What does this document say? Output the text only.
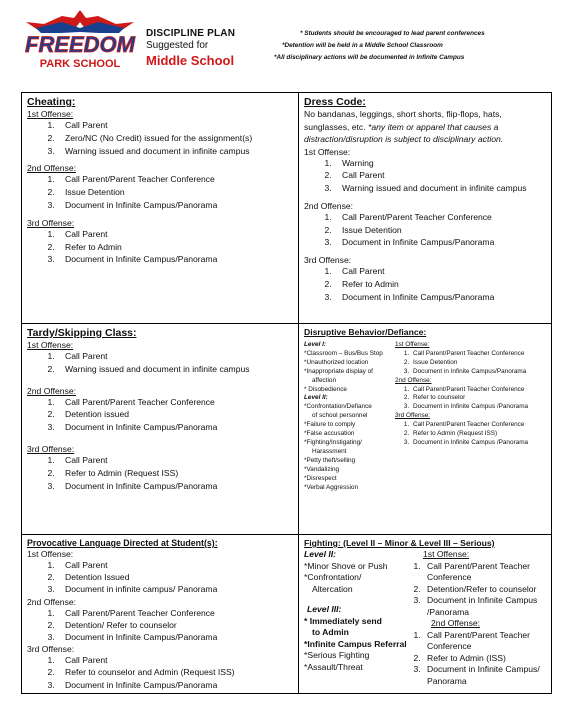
FREEDOM
PARK SCHOOL
DISCIPLINE PLAN
Suggested for
Middle School
* Students should be encouraged to lead parent conferences
*Detention will be held in a Middle School Classroom
*All disciplinary actions will be documented in Infinite Campus
Cheating:
1st Offense:
1. Call Parent
2. Zero/NC (No Credit) issued for the assignment(s)
3. Warning issued and document in infinite campus
2nd Offense:
1. Call Parent/Parent Teacher Conference
2. Issue Detention
3. Document in Infinite Campus/Panorama
3rd Offense:
1. Call Parent
2. Refer to Admin
3. Document in Infinite Campus/Panorama
Dress Code:
No bandanas, leggings, short shorts, flip-flops, hats, sunglasses, etc. *any item or apparel that causes a distraction/disruption is subject to disciplinary action.
1st Offense:
1. Warning
2. Call Parent
3. Warning issued and document in infinite campus
2nd Offense:
1. Call Parent/Parent Teacher Conference
2. Issue Detention
3. Document in Infinite Campus/Panorama
3rd Offense:
1. Call Parent
2. Refer to Admin
3. Document in Infinite Campus/Panorama
Tardy/Skipping Class:
1st Offense:
1. Call Parent
2. Warning issued and document in infinite campus
2nd Offense:
1. Call Parent/Parent Teacher Conference
2. Detention issued
3. Document in Infinite Campus/Panorama
3rd Offense:
1. Call Parent
2. Refer to Admin (Request ISS)
3. Document in Infinite Campus/Panorama
Disruptive Behavior/Defiance:
Level I:
*Classroom – Bus/Bus Stop
*Unauthorized location
*Inappropriate display of
affection
* Disobedience
Level II:
*Confrontation/Defiance
of school personnel
*Failure to comply
*False accusation
*Fighting/Instigating/
Harassment
*Petty theft/selling
*Vandalizing
*Disrespect
*Verbal Aggression
1st Offense:
1. Call Parent/Parent Teacher Conference
2. Issue Detention
3. Document in Infinite Campus/Panorama
2nd Offense:
1. Call Parent/Parent Teacher Conference
2. Refer to counselor
3. Document in Infinite Campus /Panorama
3rd Offense:
1. Call Parent/Parent Teacher Conference
2. Refer to Admin (Request ISS)
3. Document in Infinite Campus /Panorama
Provocative Language Directed at Student(s):
1st Offense:
1. Call Parent
2. Detention Issued
3. Document in infinite campus/ Panorama
2nd Offense:
1. Call Parent/Parent Teacher Conference
2. Detention/ Refer to counselor
3. Document in Infinite Campus/Panorama
3rd Offense:
1. Call Parent
2. Refer to counselor and Admin (Request ISS)
3. Document in Infinite Campus/Panorama
Fighting: (Level II – Minor & Level III – Serious)
Level II:
*Minor Shove or Push
*Confrontation/
Altercation
Level III:
* Immediately send
to Admin
*Infinite Campus Referral
*Serious Fighting
*Assault/Threat
1st Offense:
1. Call Parent/Parent Teacher Conference
2. Detention/Refer to counselor
3. Document in Infinite Campus /Panorama
2nd Offense:
1. Call Parent/Parent Teacher Conference
2. Refer to Admin (ISS)
3. Document in Infinite Campus/ Panorama
